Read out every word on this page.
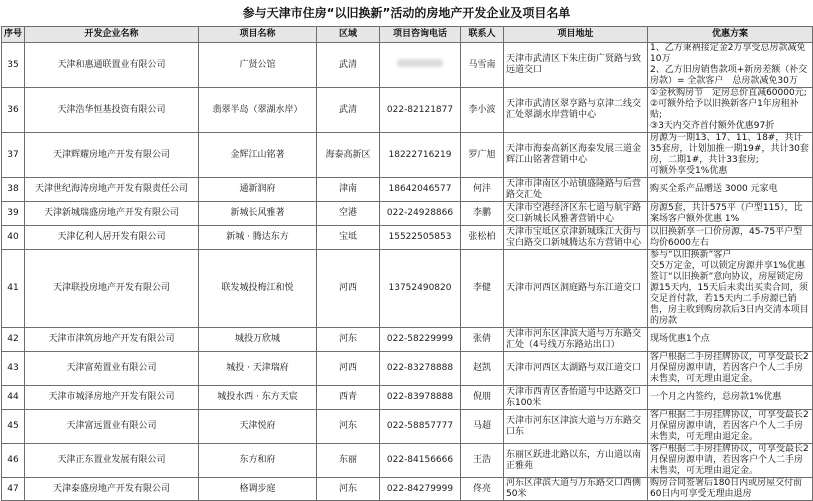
参与天津市住房“以旧换新”活动的房地产开发企业及项目名单
序号	开发企业名称	项目名称	区域	项目咨询电话	联系人	项目地址	优惠方案
35	天津和惠通联置业有限公司	广贤公馆	武清		马雪南	天津市武清区下朱庄街广贤路与致远道交口	1、乙方秉衲接定金2万享受总房款减免10万
2、乙方旧房销售款项+新房差额（补交房款）= 全款客户　总房款减免30万
36	天津浩华恒基投资有限公司	翡翠半岛（翠湖水岸）	武清	022-82121877	李小波	天津市武清区翠亨路与京津二线交汇处翠湖水岸营销中心	①金秋购房节　定房总价直减60000元;
②可额外给予以旧换新客户1年房租补贴;
③3天内交齐首付额外优惠97折
37	天津辉耀房地产开发有限公司	金辉江山铭著	海泰高新区	18222716219	罗广旭	天津市海泰高新区海泰发展三道金辉江山铭著营销中心	房源为一期13、17、11、18#，共计35套房，计划加推一期19#，共计30套房，二期1#，共计33套房;
可额外享受1%优惠
38	天津世纪海涛房地产开发有限责任公司	通新润府	津南	18642046577	何沣	天津市津南区小站镇盛隆路与后营路交汇处	购买全系产品赠送 3000 元家电
39	天津新城瑞盛房地产开发有限公司	新城长风雅著	空港	022-24928866	李鹏	天津市空港经济区东七道与航宇路交口新城长风雅著营销中心	房源5套，共计575平（户型115），比案场客户额外优惠 1%
40	天津亿利人居开发有限公司	新城 · 腾达东方	宝坻	15522505853	张松柏	天津市宝坻区京津新城珠江大街与宝白路交口新城腾达东方营销中心	以旧换新享一口价房源，45-75平户型均价6000左右
41	天津联投房地产开发有限公司	联发城投梅江和悦	河西	13752490820	李健	天津市河西区洞庭路与东江道交口	参与“以旧换新”客户
交5万定金，可以锁定房源并享1%优惠
签订“以旧换新”意向协议，房屋锁定房源15天内，15天后未卖出买卖合同，须交足首付款，若15天内二手房源已销售，房主收到购房款后3日内交清本项目的房款
42	天津市津筑房地产开发有限公司	城投万欣城	河东	022-58229999	张倩	天津市河东区津滨大道与万东路交汇处（4号线万东路站出口）	现场优惠1个点
43	天津富苑置业有限公司	城投 · 天津瑞府	河西	022-83278888	赵凯	天津市河西区太湖路与双江道交口	客户根据二手房挂牌协议，可享受最长2月保留房源申请，若因客户个人二手房未售卖，可无理由退定金。
44	天津市城泽房地产开发有限公司	城投水西 · 东方天宸	西青	022-83978888	倪朋	天津市西青区香怡道与中达路交口东100米	一个月之内签约，总房款1%优惠
45	天津富远置业有限公司	天津悦府	河东	022-58857777	马超	天津市河东区津滨大道与万东路交口东	客户根据二手房挂牌协议，可享受最长2月保留房源申请，若因客户个人二手房未售卖，可无理由退定金。
46	天津正东置业发展有限公司	东方和府	东丽	022-84156666	王浩	东丽区跃进北路以东，方山道以南正雅苑	客户根据二手房挂牌协议，可享受最长2月保留房源申请，若因客户个人二手房未售卖，可无理由退定金。
47	天津泰盛房地产开发有限公司	格调步庭	河东	022-84279999	佟亮	河东区津滨大道与万东路交口西侧50米	购房合同签署后180日内或房屋交付前60日内可享受无理由退房
